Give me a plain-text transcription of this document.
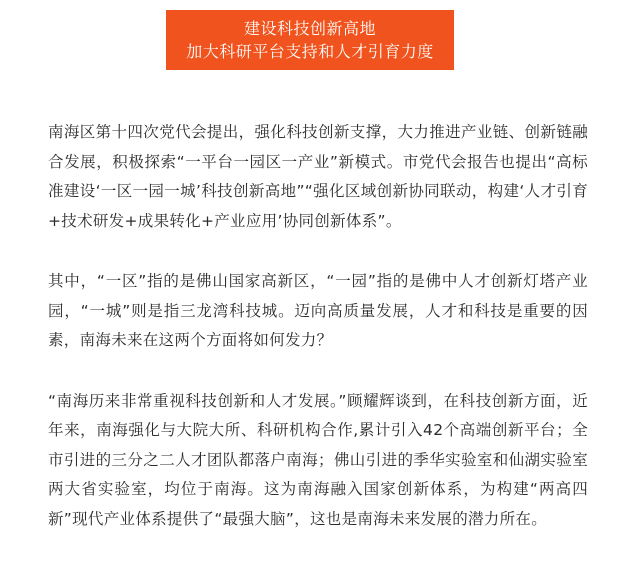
建设科技创新高地
加大科研平台支持和人才引育力度

南海区第十四次党代会提出，强化科技创新支撑，大力推进产业链、创新链融合发展，积极探索“一平台一园区一产业”新模式。市党代会报告也提出“高标准建设‘一区一园一城’科技创新高地”“强化区域创新协同联动，构建‘人才引育+技术研发+成果转化+产业应用’协同创新体系”。

其中，“一区”指的是佛山国家高新区，“一园”指的是佛中人才创新灯塔产业园，“一城”则是指三龙湾科技城。迈向高质量发展，人才和科技是重要的因素，南海未来在这两个方面将如何发力？

“南海历来非常重视科技创新和人才发展。”顾耀辉谈到，在科技创新方面，近年来，南海强化与大院大所、科研机构合作,累计引入42个高端创新平台；全市引进的三分之二人才团队都落户南海；佛山引进的季华实验室和仙湖实验室两大省实验室，均位于南海。这为南海融入国家创新体系，为构建“两高四新”现代产业体系提供了“最强大脑”，这也是南海未来发展的潜力所在。
